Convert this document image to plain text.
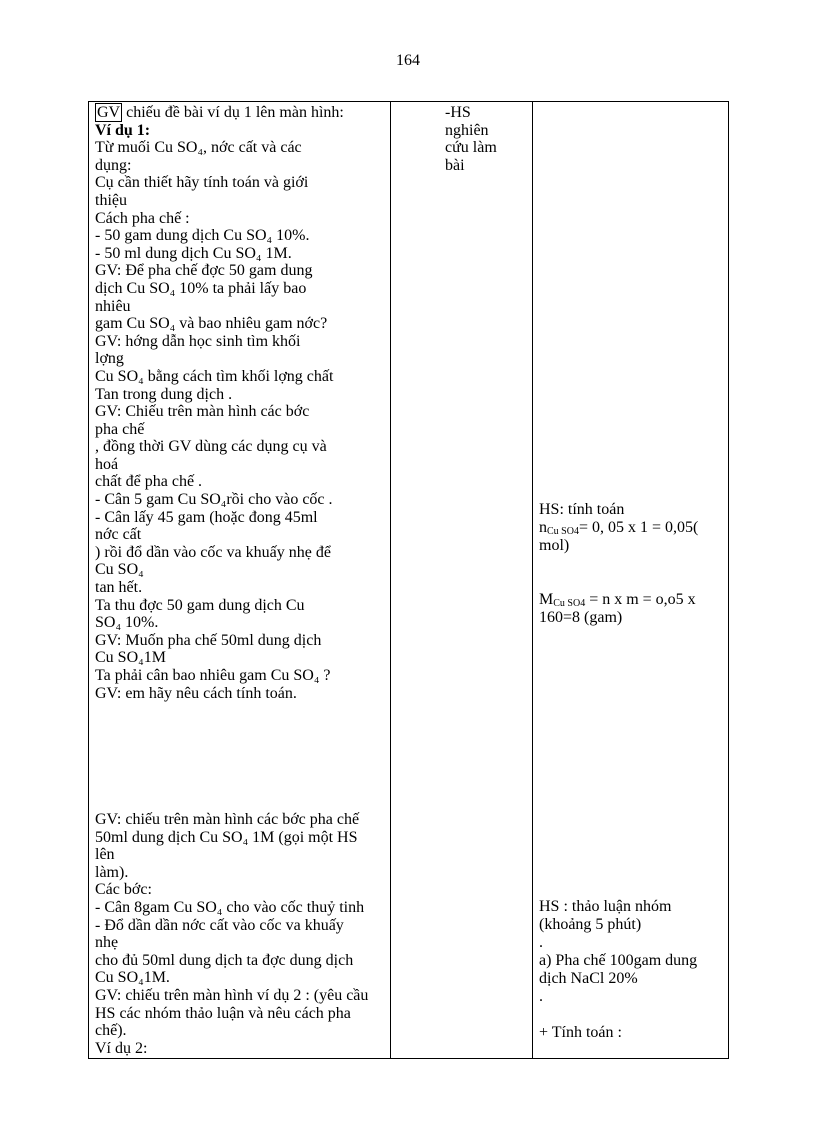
164
GV chiếu đề bài ví dụ 1 lên màn hình:
Ví dụ 1:
Từ muối Cu SO₄, nớc cất và các
dụng:
Cụ cần thiết hãy tính toán và giới
thiệu
Cách pha chế :
- 50 gam dung dịch Cu SO₄ 10%.
- 50 ml dung dịch Cu SO₄ 1M.
GV: Để pha chế đợc 50 gam dung
dịch Cu SO₄ 10% ta phải lấy bao
nhiêu
gam Cu SO₄ và bao nhiêu gam nớc?
GV: hớng dẫn học sinh tìm khối
lợng
Cu SO₄ bằng cách tìm khối lợng chất
Tan trong dung dịch .
GV: Chiếu trên màn hình các bớc
pha chế
, đồng thời GV dùng các dụng cụ và
hoá
chất để pha chế .
- Cân 5 gam Cu SO₄rồi cho vào cốc .
- Cân lấy 45 gam (hoặc đong 45ml
nớc cất
) rồi đổ dần vào cốc va khuấy nhẹ để
Cu SO₄
tan hết.
Ta thu đợc 50 gam dung dịch Cu
SO₄ 10%.
GV: Muốn pha chế 50ml dung dịch
Cu SO₄1M
Ta phải cân bao nhiêu gam Cu SO₄ ?
GV: em hãy nêu cách tính toán.
GV: chiếu trên màn hình các bớc pha chế
50ml dung dịch Cu SO₄ 1M (gọi một HS
lên
làm).
Các bớc:
- Cân 8gam Cu SO₄ cho vào cốc thuỷ tinh
- Đổ dần dần nớc cất vào cốc va khuấy
nhẹ
cho đủ 50ml dung dịch ta đợc dung dịch
Cu SO₄1M.
GV: chiếu trên màn hình ví dụ 2 : (yêu cầu
HS các nhóm thảo luận và nêu cách pha
chế).
Ví dụ 2:
-HS
nghiên
cứu làm
bài
HS: tính toán
$n_{Cu SO4}= 0$, 05 x 1 = 0,05(
mol)
$M_{Cu SO4} = n$ x m = o,o5 x
160=8 (gam)
HS : thảo luận nhóm
(khoảng 5 phút)
.
a) Pha chế 100gam dung
dịch NaCl 20%
.
+ Tính toán :
